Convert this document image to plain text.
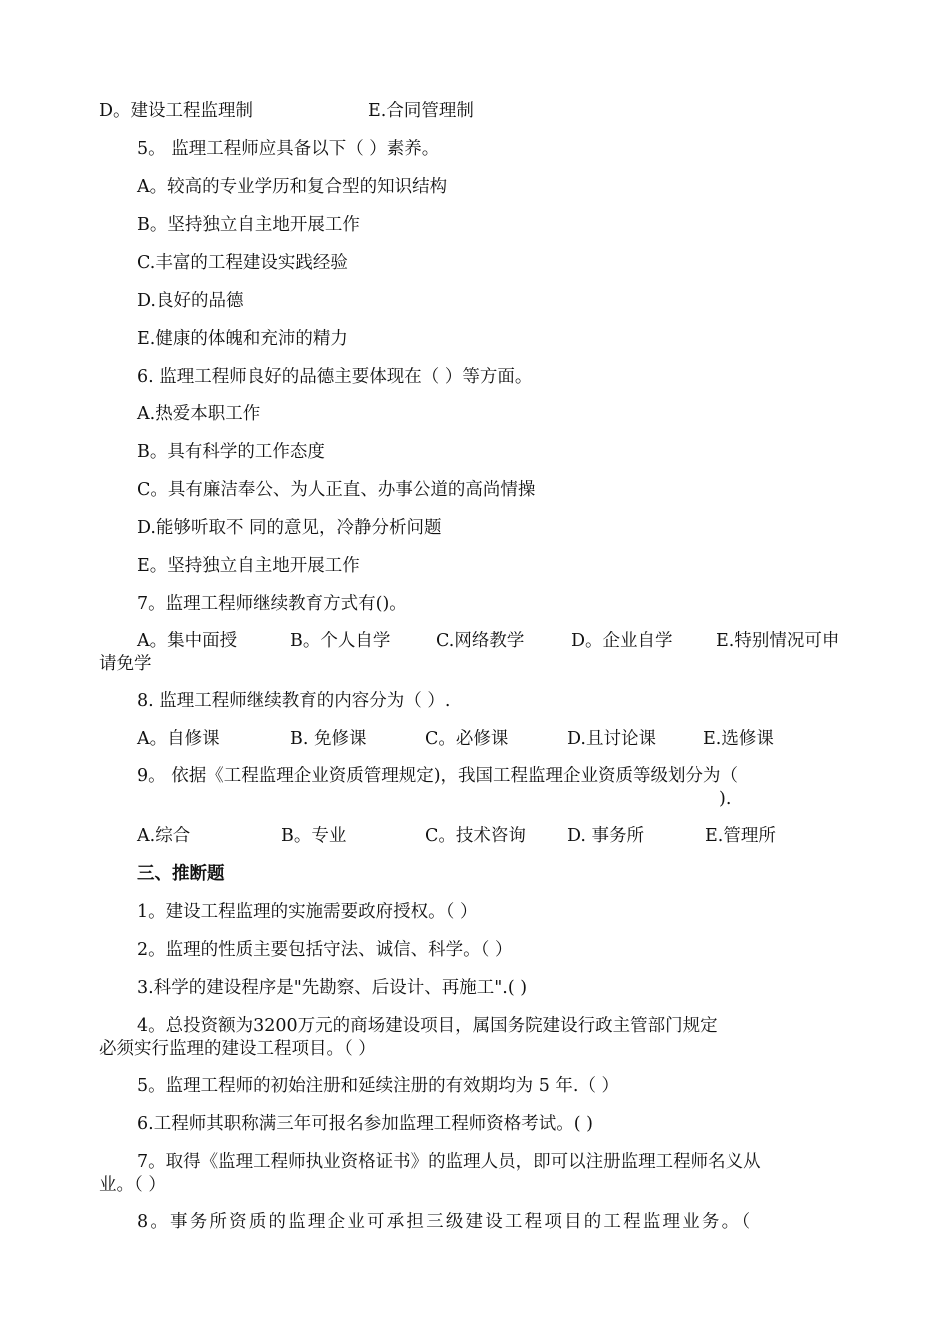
D。建设工程监理制	E.合同管理制
5。 监理工程师应具备以下（ ）素养。
A。较高的专业学历和复合型的知识结构
B。坚持独立自主地开展工作
C.丰富的工程建设实践经验
D.良好的品德
E.健康的体魄和充沛的精力
6. 监理工程师良好的品德主要体现在（ ）等方面。
A.热爱本职工作
B。具有科学的工作态度
C。具有廉洁奉公、为人正直、办事公道的高尚情操
D.能够听取不 同的意见，冷静分析问题
E。坚持独立自主地开展工作
7。监理工程师继续教育方式有()。
A。集中面授	B。个人自学	C.网络教学	D。企业自学 E.特别情况可申
请免学
8. 监理工程师继续教育的内容分为（ ）.
A。自修课	B. 免修课	C。必修课	D.且讨论课	E.选修课
9。 依据《工程监理企业资质管理规定)，我国工程监理企业资质等级划分为（
).
A.综合	B。专业	C。技术咨询 D. 事务所	E.管理所
三、推断题
1。建设工程监理的实施需要政府授权。（ ）
2。监理的性质主要包括守法、诚信、科学。（ ）
3.科学的建设程序是"先勘察、后设计、再施工".( )
4。总投资额为3200万元的商场建设项目，属国务院建设行政主管部门规定
必须实行监理的建设工程项目。（ ）
5。监理工程师的初始注册和延续注册的有效期均为 5 年.（ ）
6.工程师其职称满三年可报名参加监理工程师资格考试。( )
7。取得《监理工程师执业资格证书》的监理人员，即可以注册监理工程师名义从
业。（ ）
8。事务所资质的监理企业可承担三级建设工程项目的工程监理业务。（
